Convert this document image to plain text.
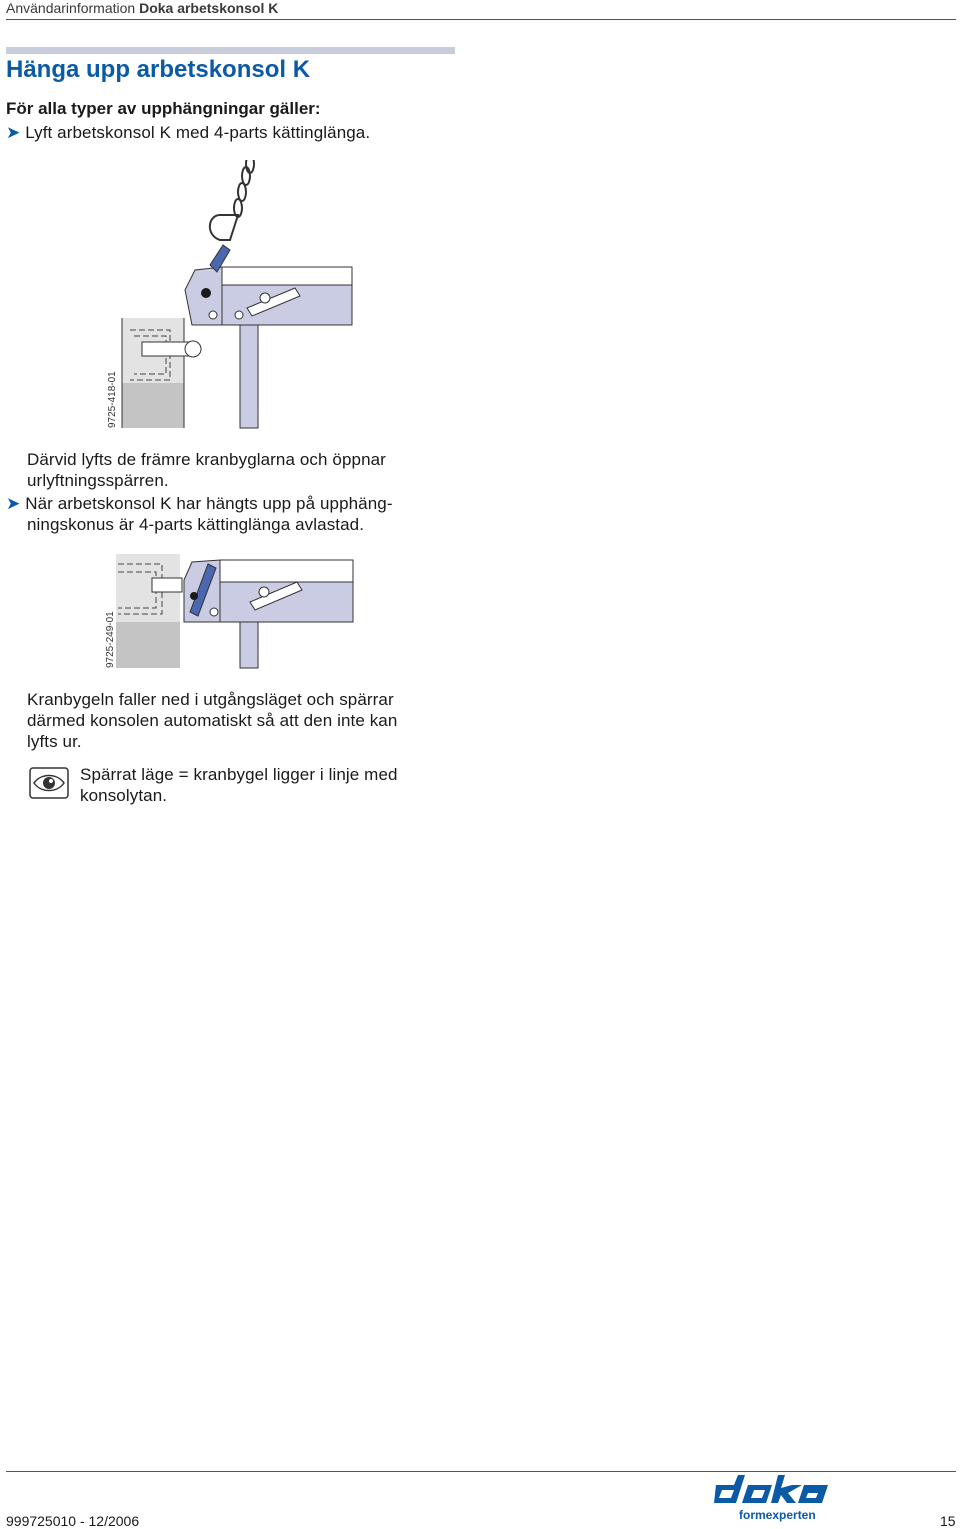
Användarinformation Doka arbetskonsol K
Hänga upp arbetskonsol K
För alla typer av upphängningar gäller:
➤ Lyft arbetskonsol K med 4-parts kättinglänga.
9725-418-01
Därvid lyfts de främre kranbyglarna och öppnar
urlyftningsspärren.
➤ När arbetskonsol K har hängts upp på upphäng-
ningskonus är 4-parts kättinglänga avlastad.
9725-249-01
Kranbygeln faller ned i utgångsläget och spärrar
därmed konsolen automatiskt så att den inte kan
lyfts ur.
Spärrat läge = kranbygel ligger i linje med
konsolytan.
formexperten
999725010 - 12/2006	15
